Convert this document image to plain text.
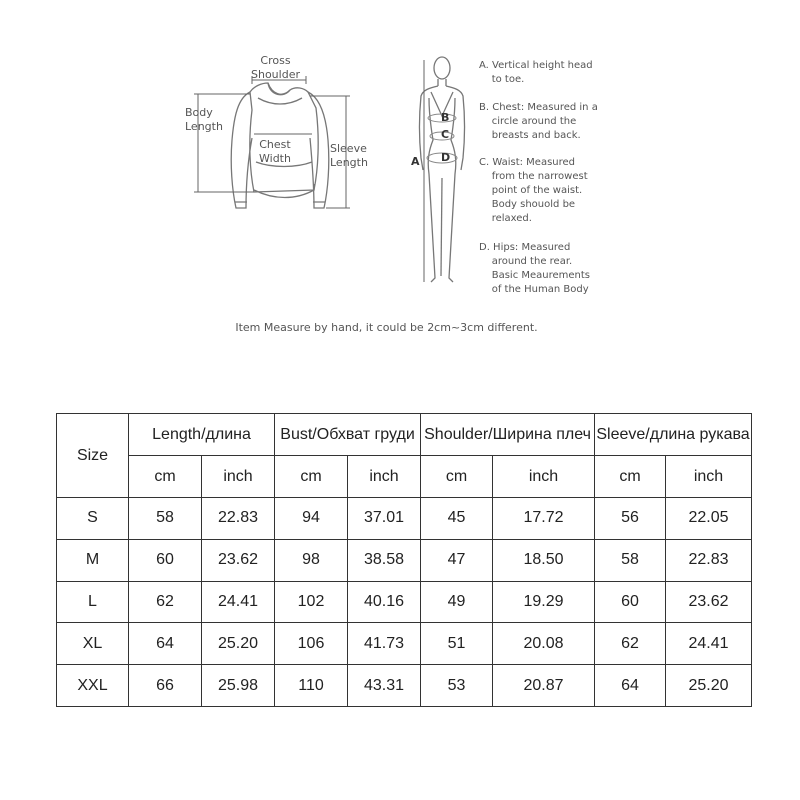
Cross
Shoulder
Body
Length
Chest
Width
Sleeve
Length	A
B
C
D
A. Vertical height head
to toe.
B. Chest: Measured in a
circle around the
breasts and back.
C. Waist: Measured
from the narrowest
point of the waist.
Body shouold be
relaxed.
D. Hips: Measured
around the rear.
Basic Meaurements
of the Human Body
Item Measure by hand, it could be 2cm~3cm different.
Size	Length/длина		Bust/Обхват груди		Shoulder/Ширина плеч		Sleeve/длина рукава	
	cm	inch	cm	inch	cm	inch	cm	inch
S	58	22.83	94	37.01	45	17.72	56	22.05
M	60	23.62	98	38.58	47	18.50	58	22.83
L	62	24.41	102	40.16	49	19.29	60	23.62
XL	64	25.20	106	41.73	51	20.08	62	24.41
XXL	66	25.98	110	43.31	53	20.87	64	25.20
